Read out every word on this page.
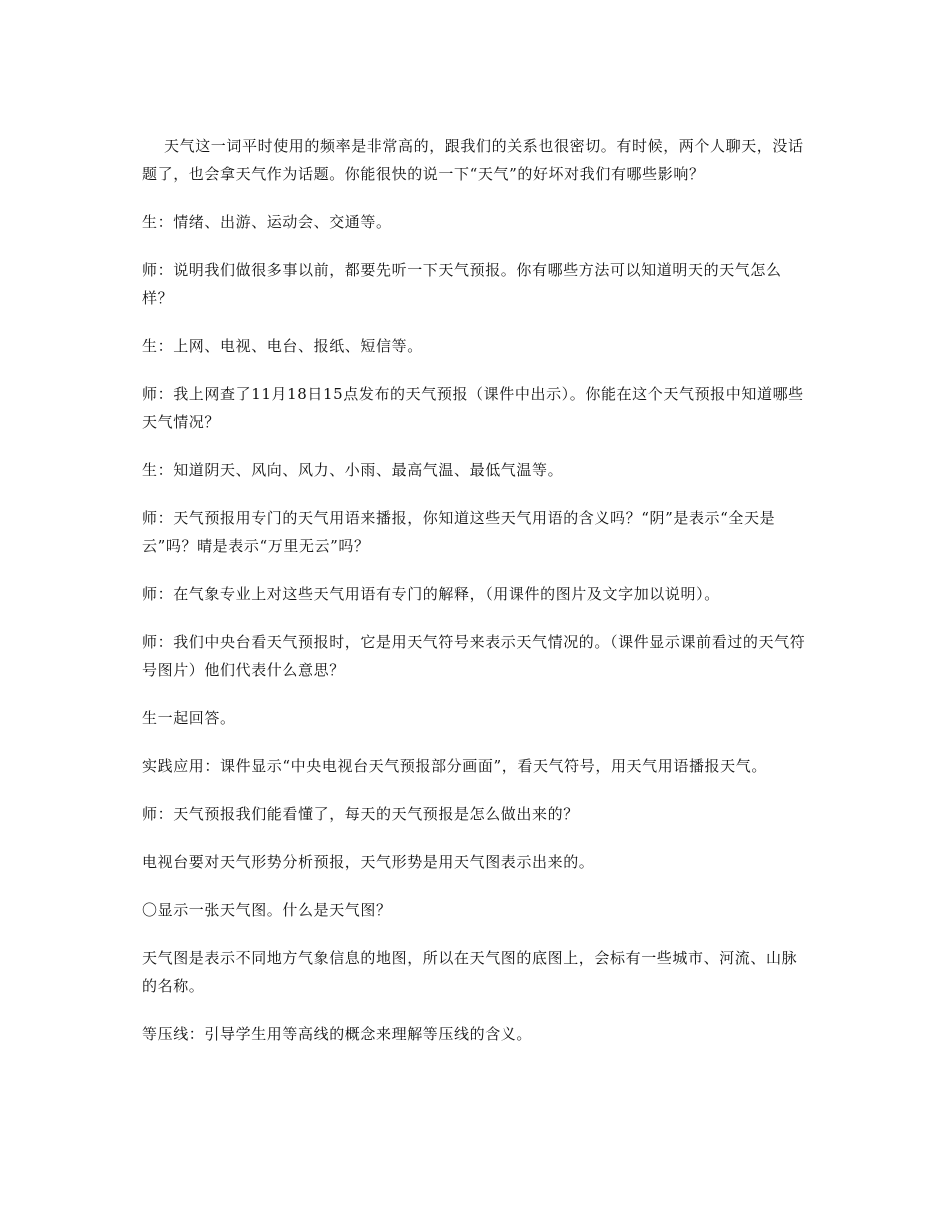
天气这一词平时使用的频率是非常高的，跟我们的关系也很密切。有时候，两个人聊天，没话题了，也会拿天气作为话题。你能很快的说一下“天气”的好坏对我们有哪些影响？

生：情绪、出游、运动会、交通等。

师：说明我们做很多事以前，都要先听一下天气预报。你有哪些方法可以知道明天的天气怎么样？

生：上网、电视、电台、报纸、短信等。

师：我上网查了11月18日15点发布的天气预报（课件中出示）。你能在这个天气预报中知道哪些天气情况？

生：知道阴天、风向、风力、小雨、最高气温、最低气温等。

师：天气预报用专门的天气用语来播报，你知道这些天气用语的含义吗？“阴”是表示“全天是云”吗？晴是表示“万里无云”吗？

师：在气象专业上对这些天气用语有专门的解释，（用课件的图片及文字加以说明）。

师：我们中央台看天气预报时，它是用天气符号来表示天气情况的。（课件显示课前看过的天气符号图片）他们代表什么意思？

生一起回答。

实践应用：课件显示“中央电视台天气预报部分画面”，看天气符号，用天气用语播报天气。

师：天气预报我们能看懂了，每天的天气预报是怎么做出来的？

电视台要对天气形势分析预报，天气形势是用天气图表示出来的。

〇显示一张天气图。什么是天气图？

天气图是表示不同地方气象信息的地图，所以在天气图的底图上，会标有一些城市、河流、山脉的名称。

等压线：引导学生用等高线的概念来理解等压线的含义。
